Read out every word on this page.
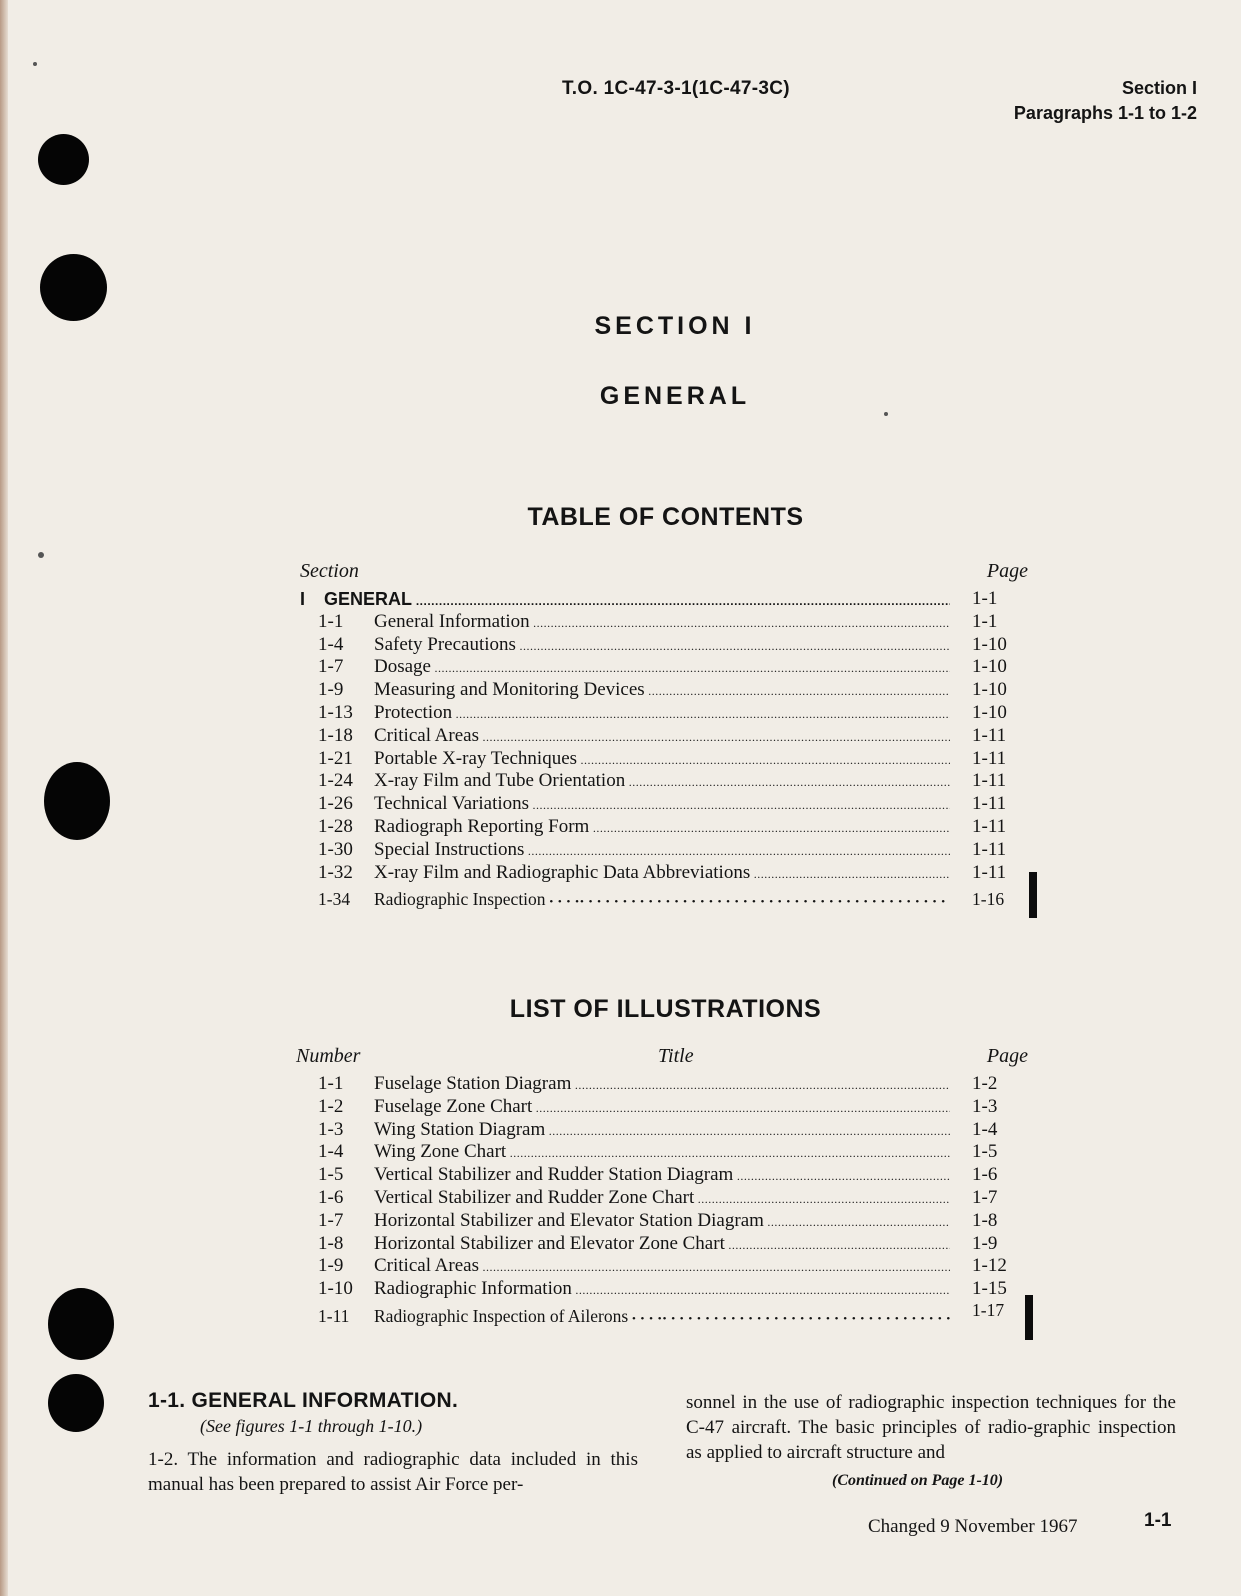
T.O. 1C-47-3-1(1C-47-3C)	Section I
Paragraphs 1-1 to 1-2
SECTION I
GENERAL
TABLE OF CONTENTS
Section	Page
I	GENERAL .....	1-1
1-1	General Information .....	1-1
1-4	Safety Precautions .....	1-10
1-7	Dosage .....	1-10
1-9	Measuring and Monitoring Devices .....	1-10
1-13	Protection .....	1-10
1-18	Critical Areas .....	1-11
1-21	Portable X-ray Techniques .....	1-11
1-24	X-ray Film and Tube Orientation .....	1-11
1-26	Technical Variations .....	1-11
1-28	Radiograph Reporting Form .....	1-11
1-30	Special Instructions .....	1-11
1-32	X-ray Film and Radiographic Data Abbreviations .....	1-11
1-34	Radiographic Inspection • • •	1-16
LIST OF ILLUSTRATIONS
Number	Title	Page
1-1	Fuselage Station Diagram .....	1-2
1-2	Fuselage Zone Chart .....	1-3
1-3	Wing Station Diagram .....	1-4
1-4	Wing Zone Chart .....	1-5
1-5	Vertical Stabilizer and Rudder Station Diagram .....	1-6
1-6	Vertical Stabilizer and Rudder Zone Chart .....	1-7
1-7	Horizontal Stabilizer and Elevator Station Diagram .....	1-8
1-8	Horizontal Stabilizer and Elevator Zone Chart .....	1-9
1-9	Critical Areas .....	1-12
1-10	Radiographic Information .....	1-15
1-11	Radiographic Inspection of Ailerons • • •	1-17
1-1. GENERAL INFORMATION.
(See figures 1-1 through 1-10.)
1-2. The information and radiographic data included in this manual has been prepared to assist Air Force per-
sonnel in the use of radiographic inspection techniques for the C-47 aircraft. The basic principles of radio-graphic inspection as applied to aircraft structure and
(Continued on Page 1-10)
Changed 9 November 1967	1-1
